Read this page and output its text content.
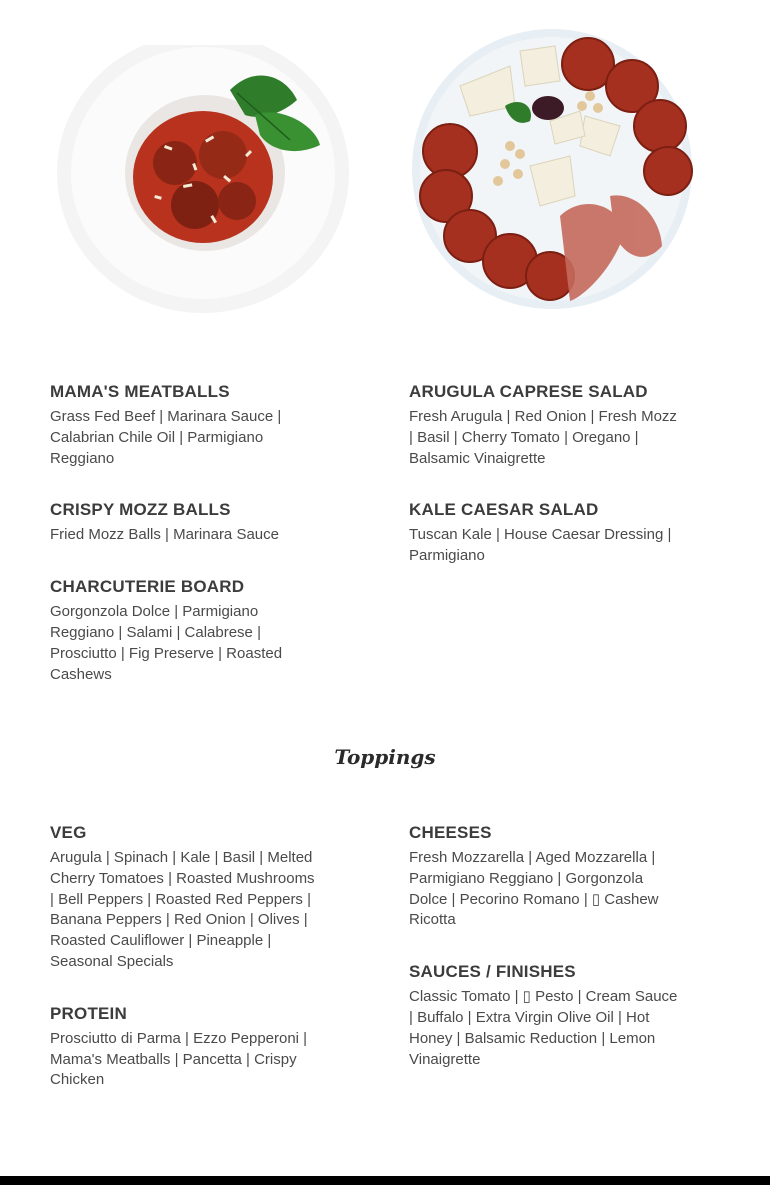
MAMA'S MEATBALLS

Grass Fed Beef | Marinara Sauce | Calabrian Chile Oil | Parmigiano Reggiano

CRISPY MOZZ BALLS

Fried Mozz Balls | Marinara Sauce

CHARCUTERIE BOARD

Gorgonzola Dolce | Parmigiano Reggiano | Salami | Calabrese | Prosciutto | Fig Preserve | Roasted Cashews

ARUGULA CAPRESE SALAD

Fresh Arugula | Red Onion | Fresh Mozz | Basil | Cherry Tomato | Oregano | Balsamic Vinaigrette

KALE CAESAR SALAD

Tuscan Kale | House Caesar Dressing | Parmigiano

Toppings
VEG

Arugula | Spinach | Kale | Basil | Melted Cherry Tomatoes | Roasted Mushrooms | Bell Peppers | Roasted Red Peppers | Banana Peppers | Red Onion | Olives | Roasted Cauliflower | Pineapple | Seasonal Specials

PROTEIN

Prosciutto di Parma | Ezzo Pepperoni | Mama's Meatballs | Pancetta | Crispy Chicken

CHEESES

Fresh Mozzarella | Aged Mozzarella | Parmigiano Reggiano | Gorgonzola Dolce | Pecorino Romano | ▯ Cashew Ricotta

SAUCES / FINISHES

Classic Tomato | ▯ Pesto | Cream Sauce | Buffalo | Extra Virgin Olive Oil | Hot Honey | Balsamic Reduction | Lemon Vinaigrette
